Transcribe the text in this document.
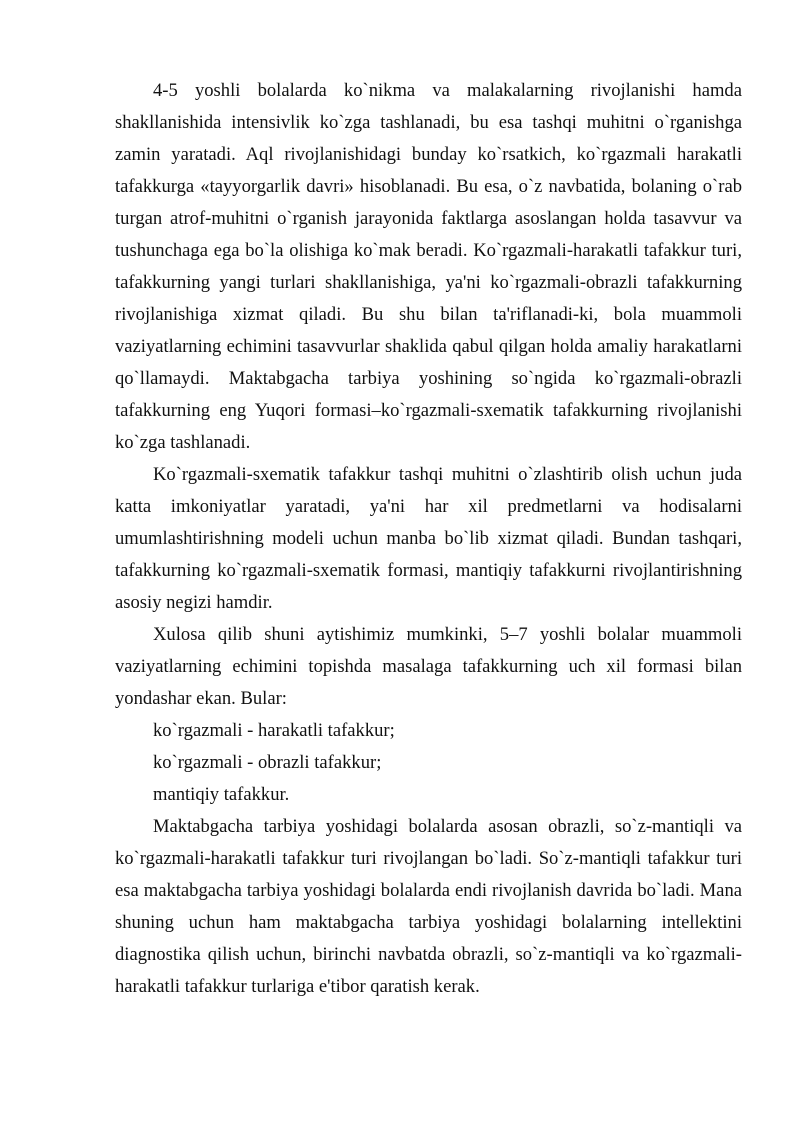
4-5 yoshli bolalarda ko`nikma va malakalarning rivojlanishi hamda shakllanishida intensivlik ko`zga tashlanadi, bu esa tashqi muhitni o`rganishga zamin yaratadi. Aql rivojlanishidagi bunday ko`rsatkich, ko`rgazmali harakatli tafakkurga «tayyorgarlik davri» hisoblanadi. Bu esa, o`z navbatida, bolaning o`rab turgan atrof-muhitni o`rganish jarayonida faktlarga asoslangan holda tasavvur va tushunchaga ega bo`la olishiga ko`mak beradi. Ko`rgazmali-harakatli tafakkur turi, tafakkurning yangi turlari shakllanishiga, ya'ni ko`rgazmali-obrazli tafakkurning rivojlanishiga xizmat qiladi. Bu shu bilan ta'riflanadi-ki, bola muammoli vaziyatlarning echimini tasavvurlar shaklida qabul qilgan holda amaliy harakatlarni qo`llamaydi. Maktabgacha tarbiya yoshining so`ngida ko`rgazmali-obrazli tafakkurning eng Yuqori formasi–ko`rgazmali-sxematik tafakkurning rivojlanishi ko`zga tashlanadi.

Ko`rgazmali-sxematik tafakkur tashqi muhitni o`zlashtirib olish uchun juda katta imkoniyatlar yaratadi, ya'ni har xil predmetlarni va hodisalarni umumlashtirishning modeli uchun manba bo`lib xizmat qiladi. Bundan tashqari, tafakkurning ko`rgazmali-sxematik formasi, mantiqiy tafakkurni rivojlantirishning asosiy negizi hamdir.

Xulosa qilib shuni aytishimiz mumkinki, 5–7 yoshli bolalar muammoli vaziyatlarning echimini topishda masalaga tafakkurning uch xil formasi bilan yondashar ekan. Bular:

ko`rgazmali - harakatli tafakkur;

ko`rgazmali - obrazli tafakkur;

mantiqiy tafakkur.

Maktabgacha tarbiya yoshidagi bolalarda asosan obrazli, so`z-mantiqli va ko`rgazmali-harakatli tafakkur turi rivojlangan bo`ladi. So`z-mantiqli tafakkur turi esa maktabgacha tarbiya yoshidagi bolalarda endi rivojlanish davrida bo`ladi. Mana shuning uchun ham maktabgacha tarbiya yoshidagi bolalarning intellektini diagnostika qilish uchun, birinchi navbatda obrazli, so`z-mantiqli va ko`rgazmali-harakatli tafakkur turlariga e'tibor qaratish kerak.
